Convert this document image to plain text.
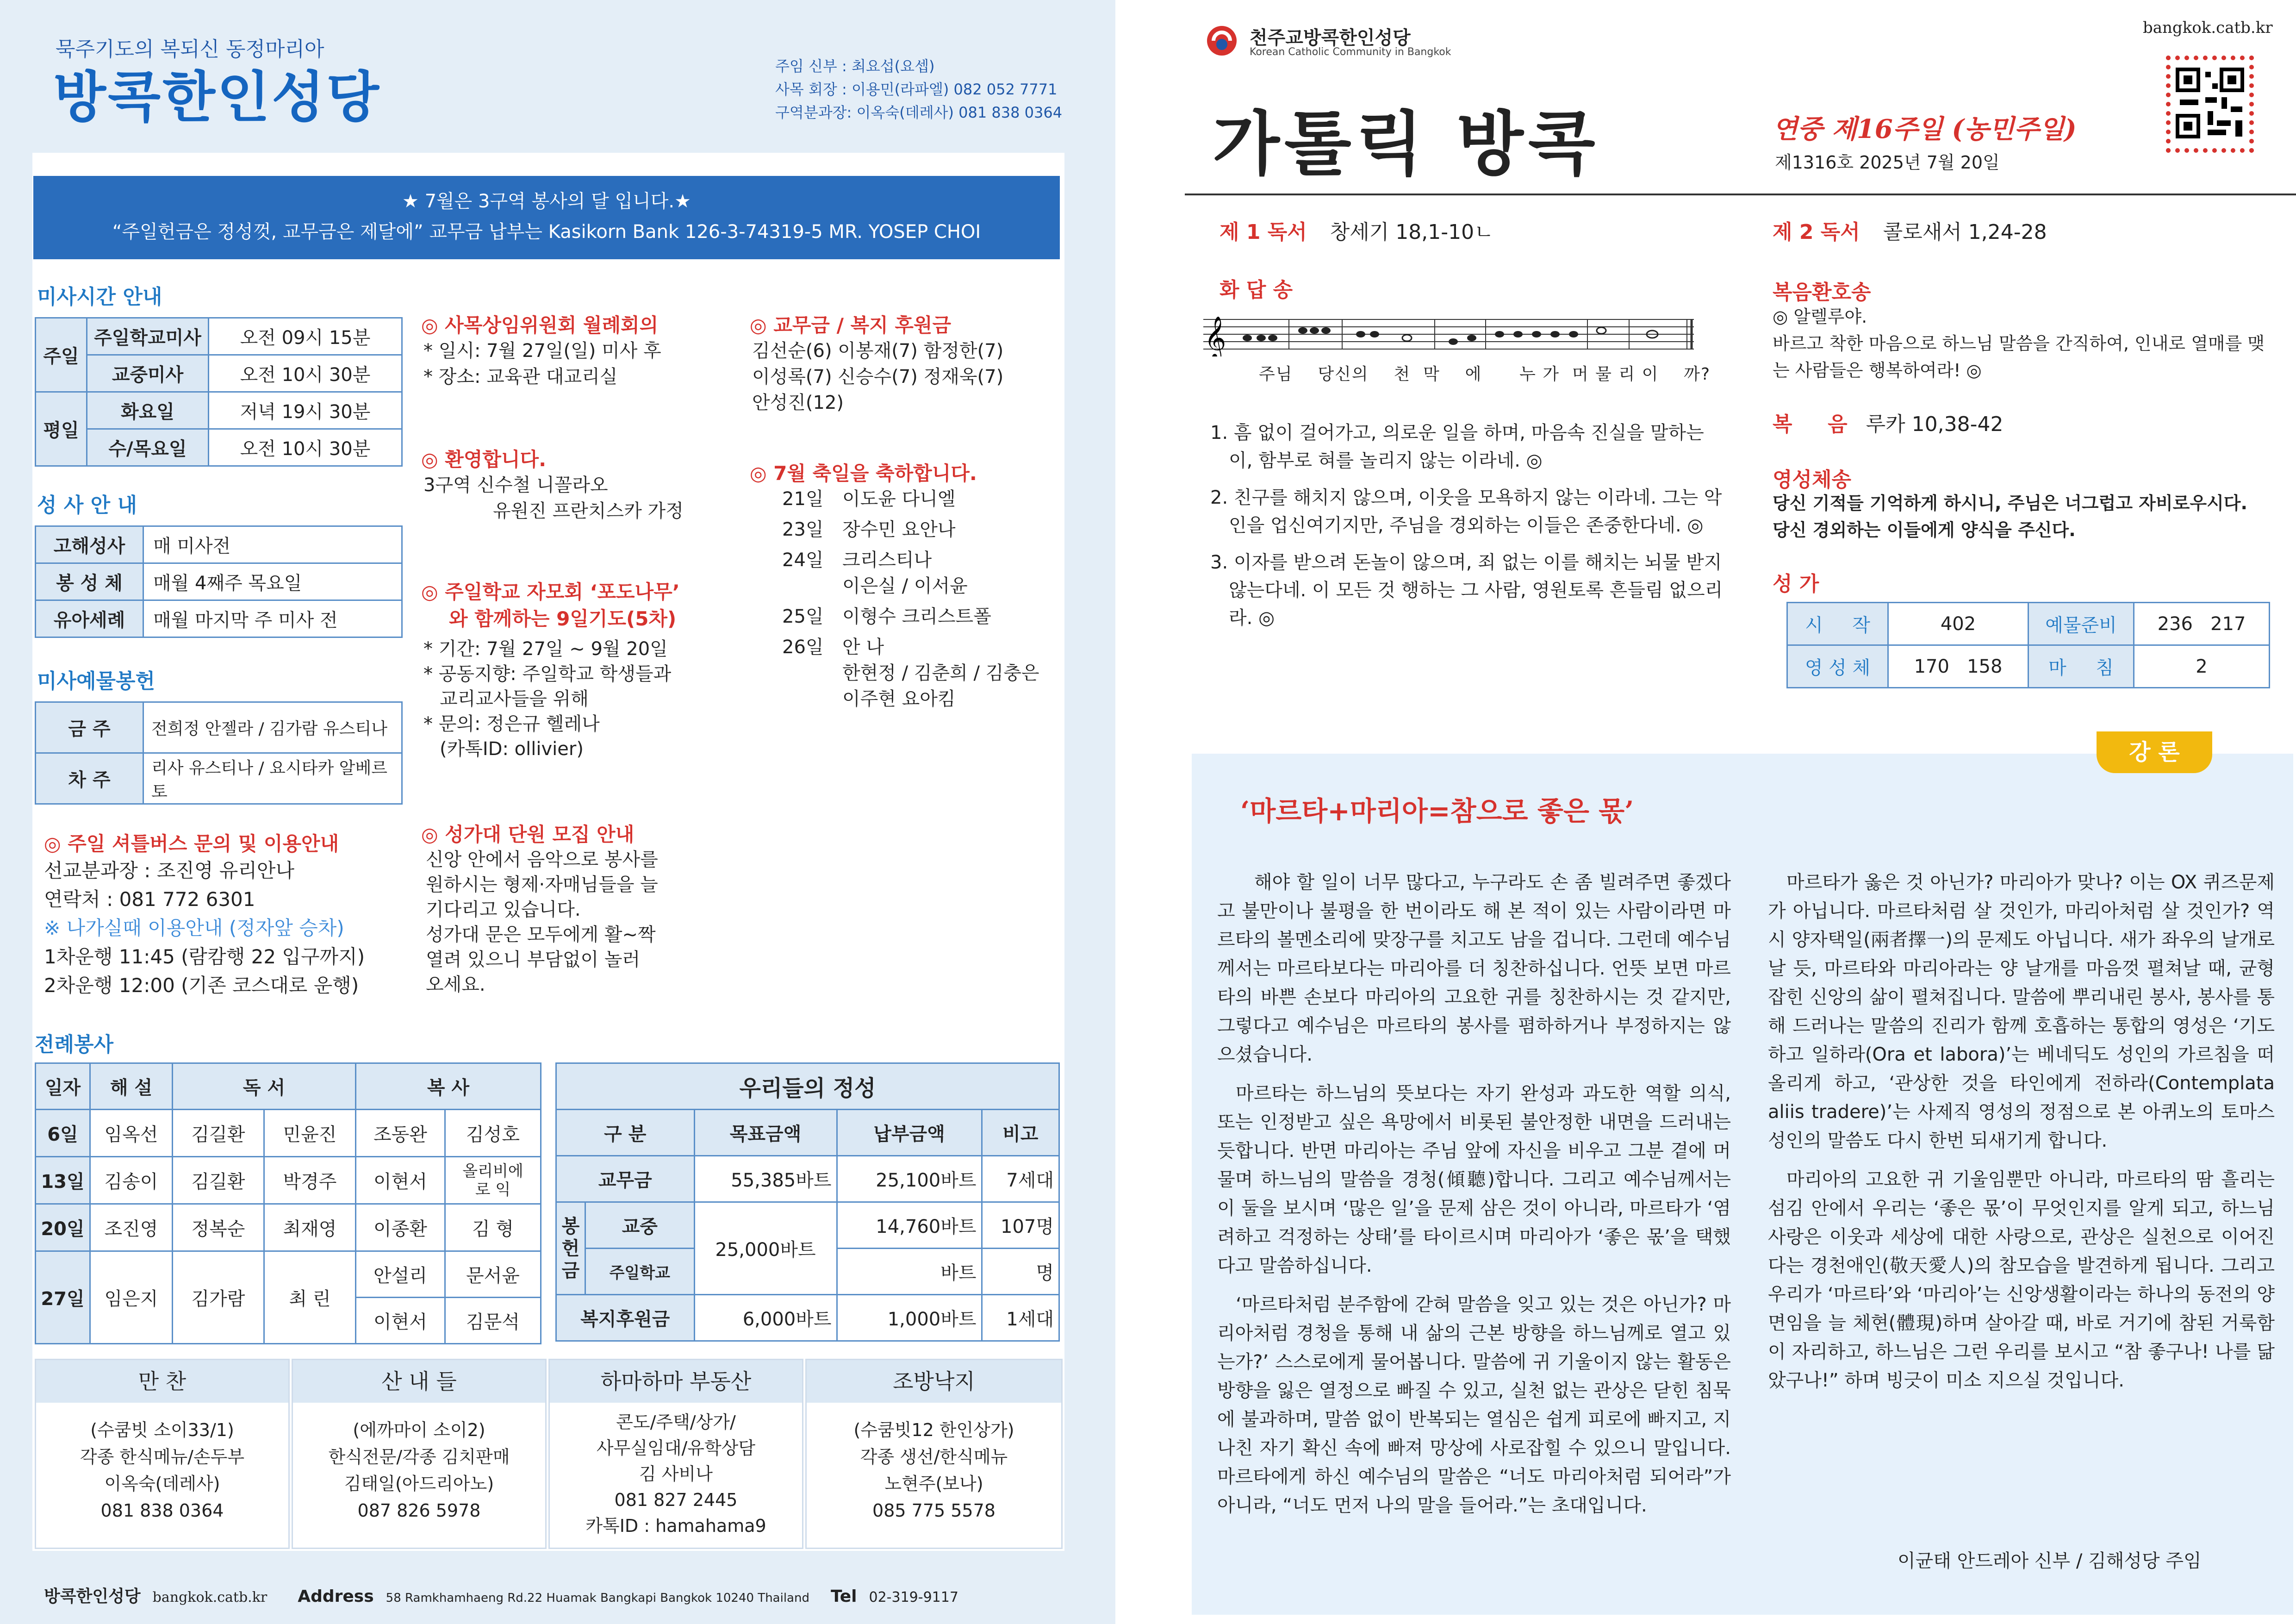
묵주기도의 복되신 동정마리아
방콕한인성당	주임 신부 : 최요섭(요셉)
사목 회장 : 이용민(라파엘) 082 052 7771
구역분과장: 이옥숙(데레사) 081 838 0364
★ 7월은 3구역 봉사의 달 입니다.★
“주일헌금은 정성껏, 교무금은 제달에” 교무금 납부는 Kasikorn Bank 126-3-74319-5 MR. YOSEP CHOI
미사시간 안내
주일	주일학교미사	오전 09시 15분
	교중미사	오전 10시 30분
평일	화요일	저녁 19시 30분
	수/목요일	오전 10시 30분
성 사 안 내
고해성사	매 미사전
봉 성 체	매월 4째주 목요일
유아세례	매월 마지막 주 미사 전
미사예물봉헌
금 주	전희정 안젤라 / 김가람 유스티나
차 주	리사 유스티나 / 요시타카 알베르토
◎ 주일 셔틀버스 문의 및 이용안내
선교분과장 : 조진영 유리안나
연락처 : 081 772 6301
※ 나가실때 이용안내 (정자앞 승차)
1차운행 11:45 (람캄행 22 입구까지)
2차운행 12:00 (기존 코스대로 운행)
◎ 사목상임위원회 월례회의
* 일시: 7월 27일(일) 미사 후
* 장소: 교육관 대교리실
◎ 환영합니다.
3구역 신수철 니꼴라오
유원진 프란치스카 가정
◎ 주일학교 자모회 ‘포도나무’
와 함께하는 9일기도(5차)
* 기간: 7월 27일 ~ 9월 20일
* 공동지향: 주일학교 학생들과
교리교사들을 위해
* 문의: 정은규 헬레나
(카톡ID: ollivier)
◎ 성가대 단원 모집 안내
신앙 안에서 음악으로 봉사를
원하시는 형제·자매님들을 늘
기다리고 있습니다.
성가대 문은 모두에게 활~짝
열려 있으니 부담없이 놀러
오세요.
◎ 교무금 / 복지 후원금
김선순(6) 이봉재(7) 함정한(7)
이성록(7) 신승수(7) 정재욱(7)
안성진(12)
◎ 7월 축일을 축하합니다.
21일	이도윤 다니엘
23일	장수민 요안나
24일	크리스티나
이은실 / 이서윤
25일	이형수 크리스트폴
26일	안 나
한현정 / 김춘희 / 김충은
이주현 요아킴
전례봉사
일자	해 설	독 서		복 사	
6일	임옥선	김길환	민윤진	조동완	김성호
13일	김송이	김길환	박경주	이현서	올리비에 로 익
20일	조진영	정복순	최재영	이종환	김 형
27일	임은지	김가람	최 린	안설리	문서윤
				이현서	김문석
우리들의 정성				
구 분		목표금액	납부금액	비고
교무금		55,385바트	25,100바트	7세대

봉헌금	교중	25,000바트	14,760바트	107명
	주일학교		바트	명
복지후원금		6,000바트	1,000바트	1세대
만 찬
(수쿰빗 소이33/1)
각종 한식메뉴/손두부
이옥숙(데레사)
081 838 0364
산 내 들
(에까마이 소이2)
한식전문/각종 김치판매
김태일(아드리아노)
087 826 5978
하마하마 부동산
콘도/주택/상가/
사무실임대/유학상담
김 사비나
081 827 2445
카톡ID : hamahama9
조방낙지
(수쿰빗12 한인상가)
각종 생선/한식메뉴
노현주(보나)
085 775 5578
방콕한인성당 bangkok.catb.kr Address 58 Ramkhamhaeng Rd.22 Huamak Bangkapi Bangkok 10240 Thailand Tel 02-319-9117
천주교방콕한인성당
Korean Catholic Community in Bangkok
bangkok.catb.kr
가톨릭 방콕	연중 제16주일 (농민주일)
제1316호 2025년 7월 20일
제 1 독서 창세기 18,1-10ㄴ
화 답 송
𝄞
주님    당신의    천  막    에      누 가  머 물 리 이    까?
1. 흠 없이 걸어가고, 의로운 일을 하며, 마음속 진실을 말하는 이, 함부로 혀를 놀리지 않는 이라네. ◎
2. 친구를 해치지 않으며, 이웃을 모욕하지 않는 이라네. 그는 악인을 업신여기지만, 주님을 경외하는 이들은 존중한다네. ◎
3. 이자를 받으려 돈놀이 않으며, 죄 없는 이를 해치는 뇌물 받지 않는다네. 이 모든 것 행하는 그 사람, 영원토록 흔들림 없으리라. ◎
제 2 독서 콜로새서 1,24-28
복음환호송
◎ 알렐루야.
바르고 착한 마음으로 하느님 말씀을 간직하여, 인내로 열매를 맺는 사람들은 행복하여라! ◎
복     음 루카 10,38-42
영성체송
당신 기적들 기억하게 하시니, 주님은 너그럽고 자비로우시다.
당신 경외하는 이들에게 양식을 주신다.
성 가
시     작	402	예물준비	236   217
영 성 체	170   158	마     침	2
강 론
‘마르타+마리아=참으로 좋은 몫’

해야 할 일이 너무 많다고, 누구라도 손 좀 빌려주면 좋겠다고 불만이나 불평을 한 번이라도 해 본 적이 있는 사람이라면 마르타의 볼멘소리에 맞장구를 치고도 남을 겁니다. 그런데 예수님께서는 마르타보다는 마리아를 더 칭찬하십니다. 언뜻 보면 마르타의 바쁜 손보다 마리아의 고요한 귀를 칭찬하시는 것 같지만, 그렇다고 예수님은 마르타의 봉사를 폄하하거나 부정하지는 않으셨습니다.

마르타는 하느님의 뜻보다는 자기 완성과 과도한 역할 의식, 또는 인정받고 싶은 욕망에서 비롯된 불안정한 내면을 드러내는 듯합니다. 반면 마리아는 주님 앞에 자신을 비우고 그분 곁에 머물며 하느님의 말씀을 경청(傾聽)합니다. 그리고 예수님께서는 이 둘을 보시며 ‘많은 일’을 문제 삼은 것이 아니라, 마르타가 ‘염려하고 걱정하는 상태’를 타이르시며 마리아가 ‘좋은 몫’을 택했다고 말씀하십니다.

‘마르타처럼 분주함에 갇혀 말씀을 잊고 있는 것은 아닌가? 마리아처럼 경청을 통해 내 삶의 근본 방향을 하느님께로 열고 있는가?’ 스스로에게 물어봅니다. 말씀에 귀 기울이지 않는 활동은 방향을 잃은 열정으로 빠질 수 있고, 실천 없는 관상은 닫힌 침묵에 불과하며, 말씀 없이 반복되는 열심은 쉽게 피로에 빠지고, 지나친 자기 확신 속에 빠져 망상에 사로잡힐 수 있으니 말입니다. 마르타에게 하신 예수님의 말씀은 “너도 마리아처럼 되어라”가 아니라, “너도 먼저 나의 말을 들어라.”는 초대입니다.

마르타가 옳은 것 아닌가? 마리아가 맞나? 이는 OX 퀴즈문제가 아닙니다. 마르타처럼 살 것인가, 마리아처럼 살 것인가? 역시 양자택일(兩者擇一)의 문제도 아닙니다. 새가 좌우의 날개로 날 듯, 마르타와 마리아라는 양 날개를 마음껏 펼쳐날 때, 균형 잡힌 신앙의 삶이 펼쳐집니다. 말씀에 뿌리내린 봉사, 봉사를 통해 드러나는 말씀의 진리가 함께 호흡하는 통합의 영성은 ‘기도하고 일하라(Ora et labora)’는 베네딕도 성인의 가르침을 떠올리게 하고, ‘관상한 것을 타인에게 전하라(Contemplata aliis tradere)’는 사제직 영성의 정점으로 본 아퀴노의 토마스 성인의 말씀도 다시 한번 되새기게 합니다.

마리아의 고요한 귀 기울임뿐만 아니라, 마르타의 땀 흘리는 섬김 안에서 우리는 ‘좋은 몫’이 무엇인지를 알게 되고, 하느님 사랑은 이웃과 세상에 대한 사랑으로, 관상은 실천으로 이어진다는 경천애인(敬天愛人)의 참모습을 발견하게 됩니다. 그리고 우리가 ‘마르타’와 ‘마리아’는 신앙생활이라는 하나의 동전의 양면임을 늘 체현(體現)하며 살아갈 때, 바로 거기에 참된 거룩함이 자리하고, 하느님은 그런 우리를 보시고 “참 좋구나! 나를 닮았구나!” 하며 빙긋이 미소 지으실 것입니다.

이균태 안드레아 신부 / 김해성당 주임
